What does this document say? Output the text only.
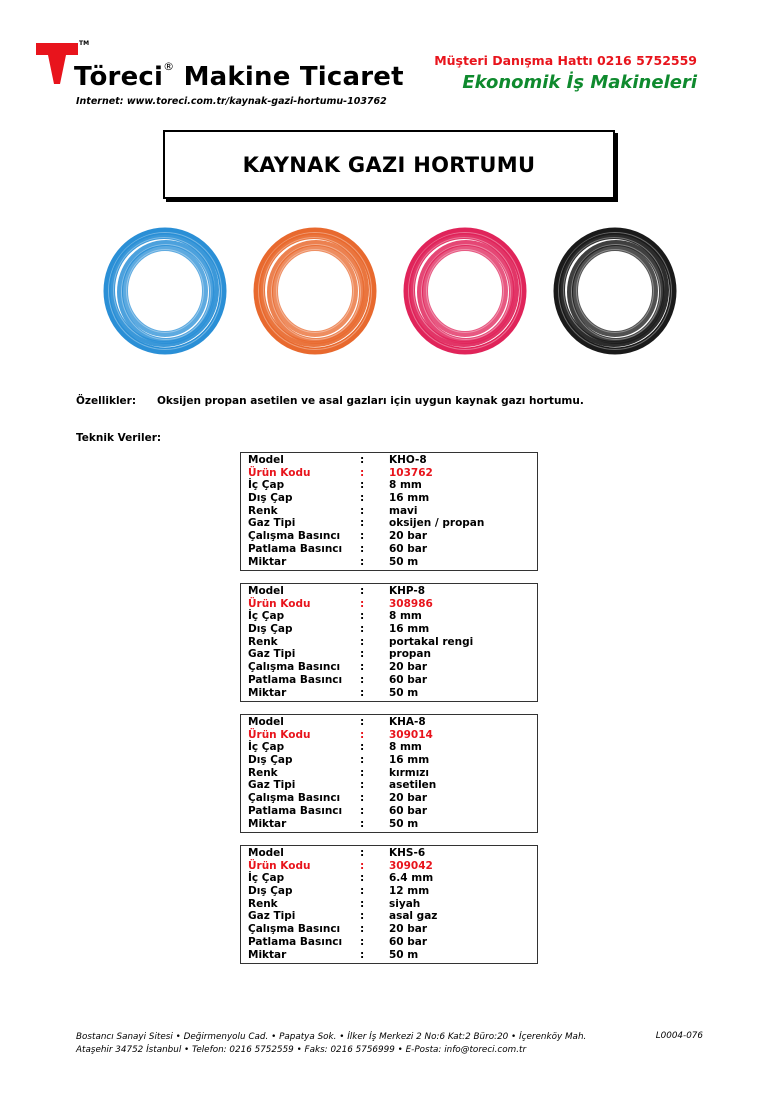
TM
Töreci® Makine Ticaret
Internet: www.toreci.com.tr/kaynak-gazi-hortumu-103762
Müşteri Danışma Hattı 0216 5752559
Ekonomik İş Makineleri
KAYNAK GAZI HORTUMU
Özellikler: Oksijen propan asetilen ve asal gazları için uygun kaynak gazı hortumu.
Teknik Veriler:
Model	:	KHO-8
Ürün Kodu	:	103762
İç Çap	:	8 mm
Dış Çap	:	16 mm
Renk	:	mavi
Gaz Tipi	:	oksijen / propan
Çalışma Basıncı	:	20 bar
Patlama Basıncı	:	60 bar
Miktar	:	50 m
Model	:	KHP-8
Ürün Kodu	:	308986
İç Çap	:	8 mm
Dış Çap	:	16 mm
Renk	:	portakal rengi
Gaz Tipi	:	propan
Çalışma Basıncı	:	20 bar
Patlama Basıncı	:	60 bar
Miktar	:	50 m
Model	:	KHA-8
Ürün Kodu	:	309014
İç Çap	:	8 mm
Dış Çap	:	16 mm
Renk	:	kırmızı
Gaz Tipi	:	asetilen
Çalışma Basıncı	:	20 bar
Patlama Basıncı	:	60 bar
Miktar	:	50 m
Model	:	KHS-6
Ürün Kodu	:	309042
İç Çap	:	6.4 mm
Dış Çap	:	12 mm
Renk	:	siyah
Gaz Tipi	:	asal gaz
Çalışma Basıncı	:	20 bar
Patlama Basıncı	:	60 bar
Miktar	:	50 m
Bostancı Sanayi Sitesi • Değirmenyolu Cad. • Papatya Sok. • İlker İş Merkezi 2 No:6 Kat:2 Büro:20 • İçerenköy Mah.
Ataşehir 34752 İstanbul • Telefon: 0216 5752559 • Faks: 0216 5756999 • E-Posta: info@toreci.com.tr
L0004-076
